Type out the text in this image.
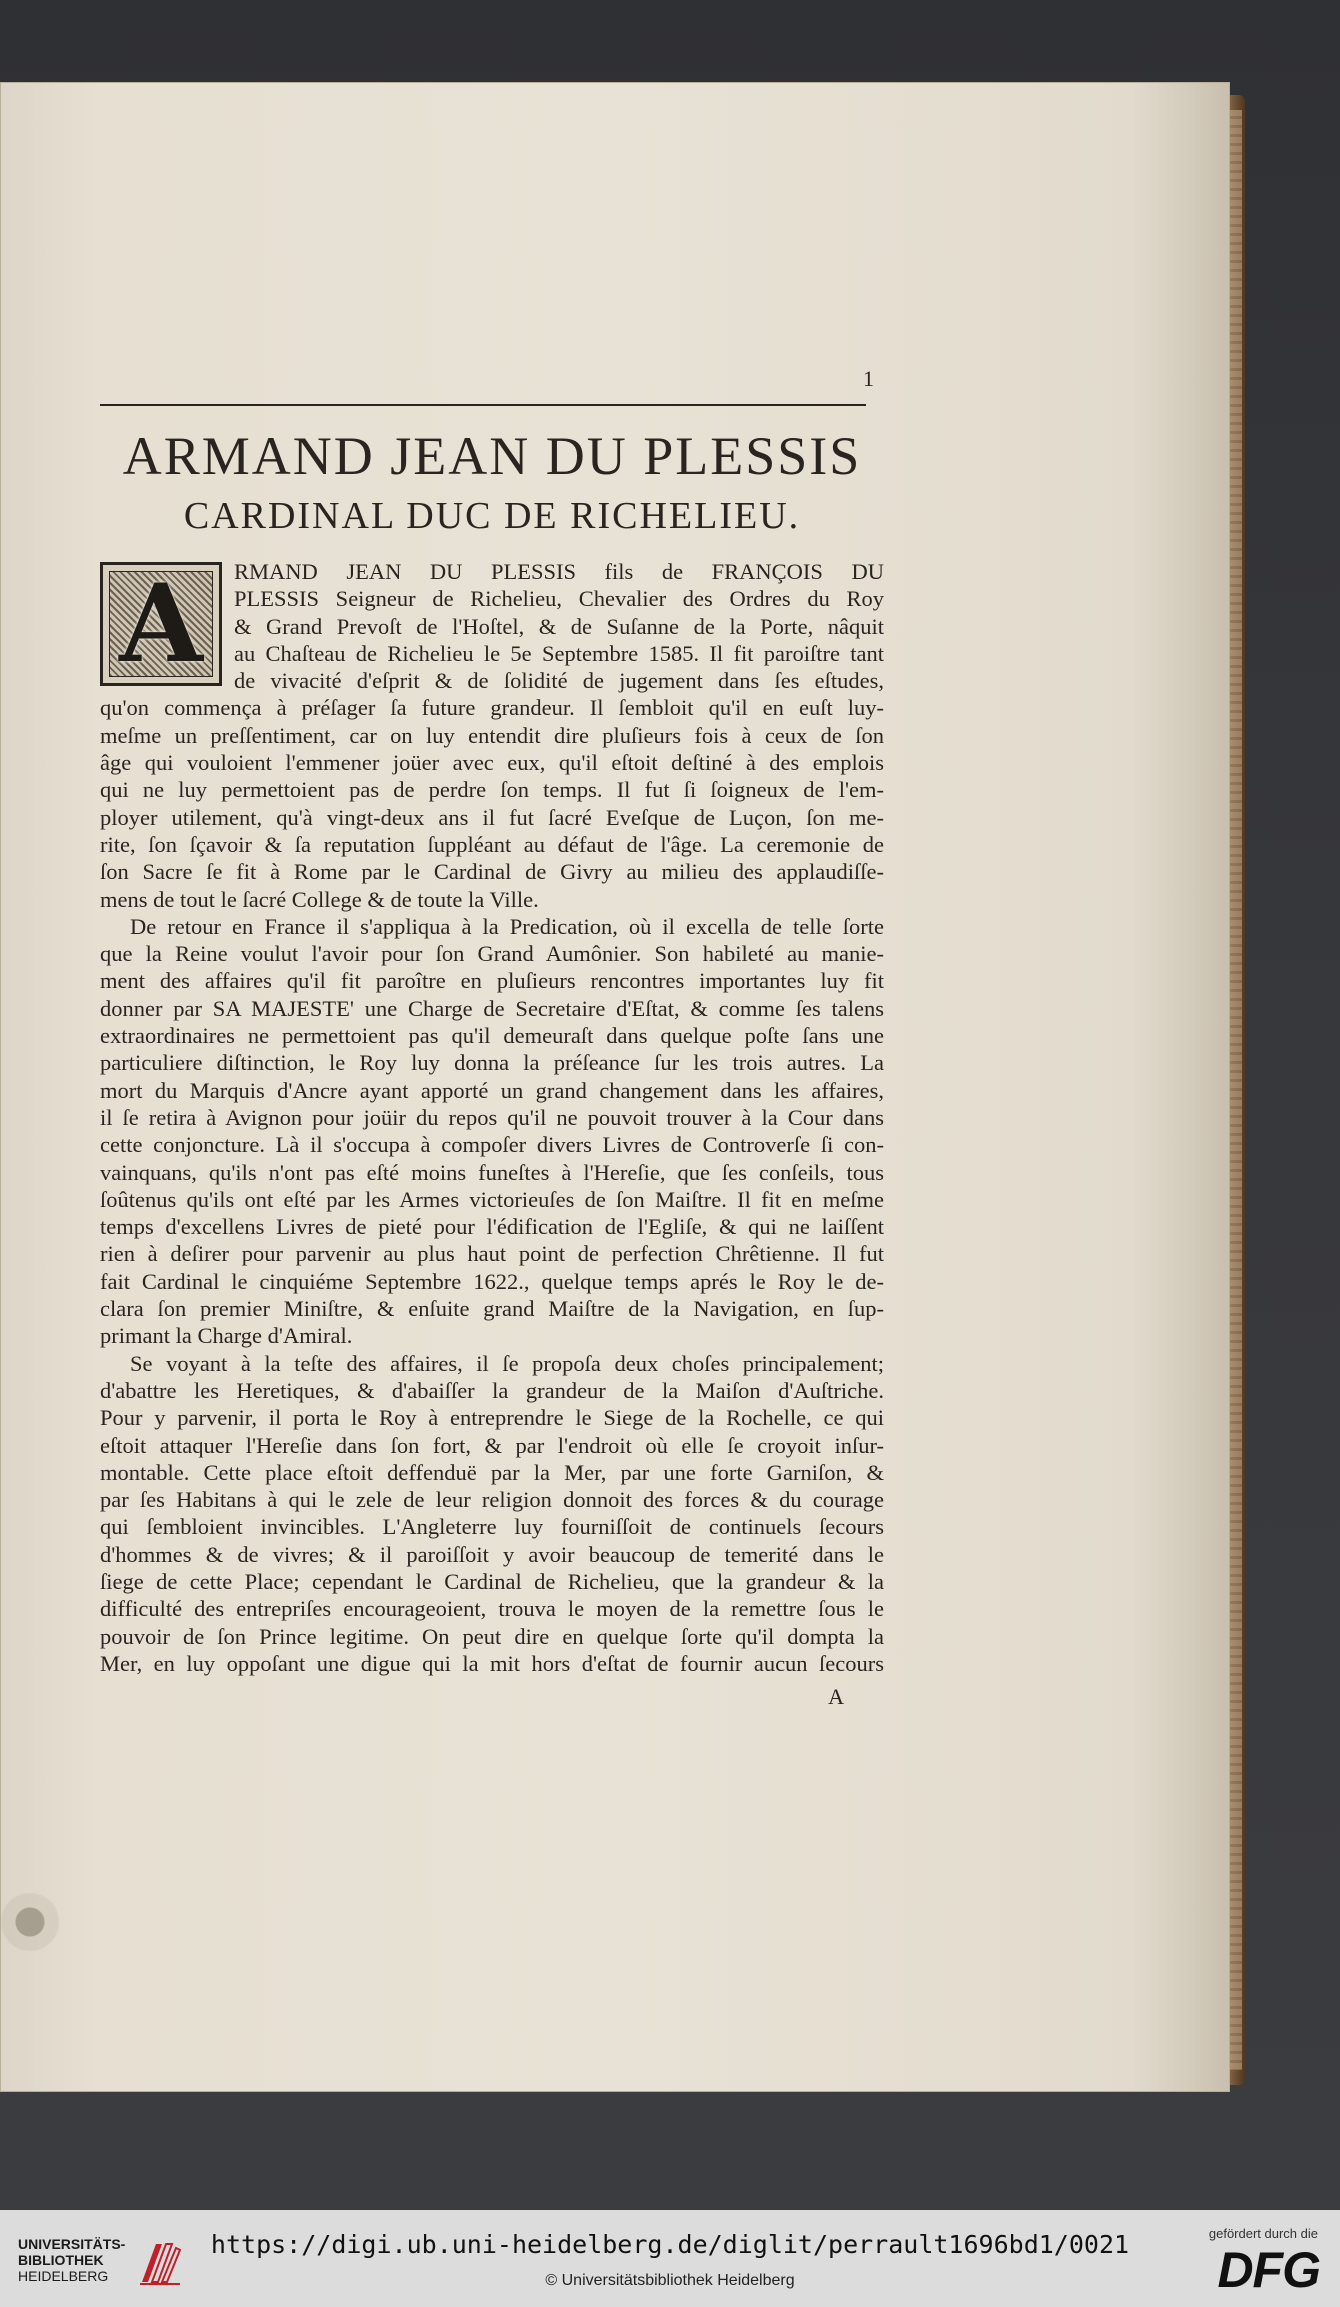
1
ARMAND JEAN DU PLESSIS
CARDINAL DUC DE RICHELIEU.
A	RMAND JEAN DU PLESSIS fils de FRANÇOIS DU
PLESSIS Seigneur de Richelieu, Chevalier des Ordres du Roy
& Grand Prevoſt de l'Hoſtel, & de Suſanne de la Porte, nâquit
au Chaſteau de Richelieu le 5e Septembre 1585. Il fit paroiſtre tant
de vivacité d'eſprit & de ſolidité de jugement dans ſes eſtudes,
qu'on commença à préſager ſa future grandeur. Il ſembloit qu'il en euſt luy-
meſme un preſſentiment, car on luy entendit dire pluſieurs fois à ceux de ſon
âge qui vouloient l'emmener joüer avec eux, qu'il eſtoit deſtiné à des emplois
qui ne luy permettoient pas de perdre ſon temps. Il fut ſi ſoigneux de l'em-
ployer utilement, qu'à vingt-deux ans il fut ſacré Eveſque de Luçon, ſon me-
rite, ſon ſçavoir & ſa reputation ſuppléant au défaut de l'âge. La ceremonie de
ſon Sacre ſe fit à Rome par le Cardinal de Givry au milieu des applaudiſſe-
mens de tout le ſacré College & de toute la Ville.
De retour en France il s'appliqua à la Predication, où il excella de telle ſorte
que la Reine voulut l'avoir pour ſon Grand Aumônier. Son habileté au manie-
ment des affaires qu'il fit paroître en pluſieurs rencontres importantes luy fit
donner par SA MAJESTE' une Charge de Secretaire d'Eſtat, & comme ſes talens
extraordinaires ne permettoient pas qu'il demeuraſt dans quelque poſte ſans une
particuliere diſtinction, le Roy luy donna la préſeance ſur les trois autres. La
mort du Marquis d'Ancre ayant apporté un grand changement dans les affaires,
il ſe retira à Avignon pour joüir du repos qu'il ne pouvoit trouver à la Cour dans
cette conjoncture. Là il s'occupa à compoſer divers Livres de Controverſe ſi con-
vainquans, qu'ils n'ont pas eſté moins funeſtes à l'Hereſie, que ſes conſeils, tous
ſoûtenus qu'ils ont eſté par les Armes victorieuſes de ſon Maiſtre. Il fit en meſme
temps d'excellens Livres de pieté pour l'édification de l'Egliſe, & qui ne laiſſent
rien à deſirer pour parvenir au plus haut point de perfection Chrêtienne. Il fut
fait Cardinal le cinquiéme Septembre 1622., quelque temps aprés le Roy le de-
clara ſon premier Miniſtre, & enſuite grand Maiſtre de la Navigation, en ſup-
primant la Charge d'Amiral.
Se voyant à la teſte des affaires, il ſe propoſa deux choſes principalement;
d'abattre les Heretiques, & d'abaiſſer la grandeur de la Maiſon d'Auſtriche.
Pour y parvenir, il porta le Roy à entreprendre le Siege de la Rochelle, ce qui
eſtoit attaquer l'Hereſie dans ſon fort, & par l'endroit où elle ſe croyoit inſur-
montable. Cette place eſtoit deffenduë par la Mer, par une forte Garniſon, &
par ſes Habitans à qui le zele de leur religion donnoit des forces & du courage
qui ſembloient invincibles. L'Angleterre luy fourniſſoit de continuels ſecours
d'hommes & de vivres; & il paroiſſoit y avoir beaucoup de temerité dans le
ſiege de cette Place; cependant le Cardinal de Richelieu, que la grandeur & la
difficulté des entrepriſes encourageoient, trouva le moyen de la remettre ſous le
pouvoir de ſon Prince legitime. On peut dire en quelque ſorte qu'il dompta la
Mer, en luy oppoſant une digue qui la mit hors d'eſtat de fournir aucun ſecours
A
UNIVERSITÄTS-
BIBLIOTHEK
HEIDELBERG
https://digi.ub.uni-heidelberg.de/diglit/perrault1696bd1/0021
© Universitätsbibliothek Heidelberg
gefördert durch die
DFG
